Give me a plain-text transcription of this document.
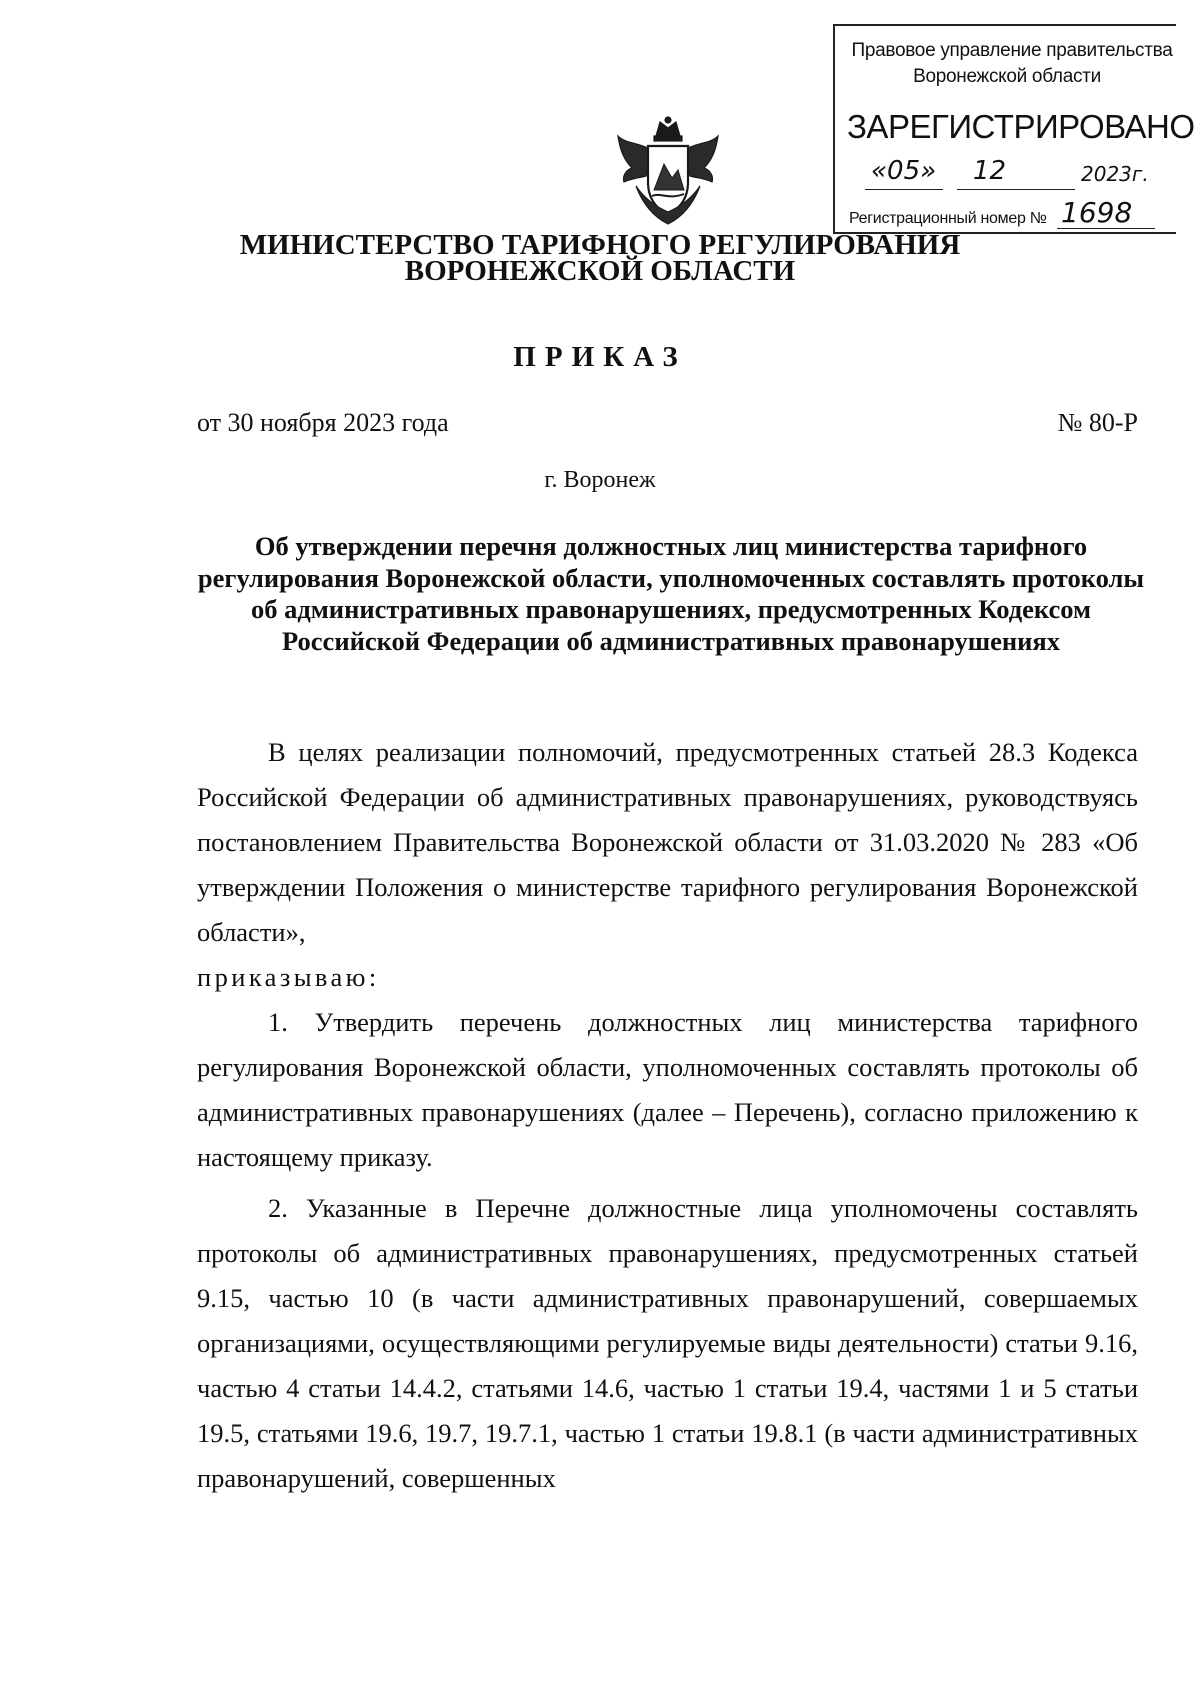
Правовое управление правительства
Воронежской области
ЗАРЕГИСТРИРОВАНО
«05» 12	2023г.
Регистрационный номер № 1698
МИНИСТЕРСТВО ТАРИФНОГО РЕГУЛИРОВАНИЯ
ВОРОНЕЖСКОЙ ОБЛАСТИ
ПРИКАЗ
от 30 ноября 2023 года	№ 80-Р
г. Воронеж
Об утверждении перечня должностных лиц министерства тарифного регулирования Воронежской области, уполномоченных составлять протоколы об административных правонарушениях, предусмотренных Кодексом Российской Федерации об административных правонарушениях

В целях реализации полномочий, предусмотренных статьей 28.3 Кодекса Российской Федерации об административных правонарушениях, руководствуясь постановлением Правительства Воронежской области от 31.03.2020 № 283 «Об утверждении Положения о министерстве тарифного регулирования Воронежской области»,

приказываю:

1. Утвердить перечень должностных лиц министерства тарифного регулирования Воронежской области, уполномоченных составлять протоколы об административных правонарушениях (далее – Перечень), согласно приложению к настоящему приказу.

2. Указанные в Перечне должностные лица уполномочены составлять протоколы об административных правонарушениях, предусмотренных статьей 9.15, частью 10 (в части административных правонарушений, совершаемых организациями, осуществляющими регулируемые виды деятельности) статьи 9.16, частью 4 статьи 14.4.2, статьями 14.6, частью 1 статьи 19.4, частями 1 и 5 статьи 19.5, статьями 19.6, 19.7, 19.7.1, частью 1 статьи 19.8.1 (в части административных правонарушений, совершенных
